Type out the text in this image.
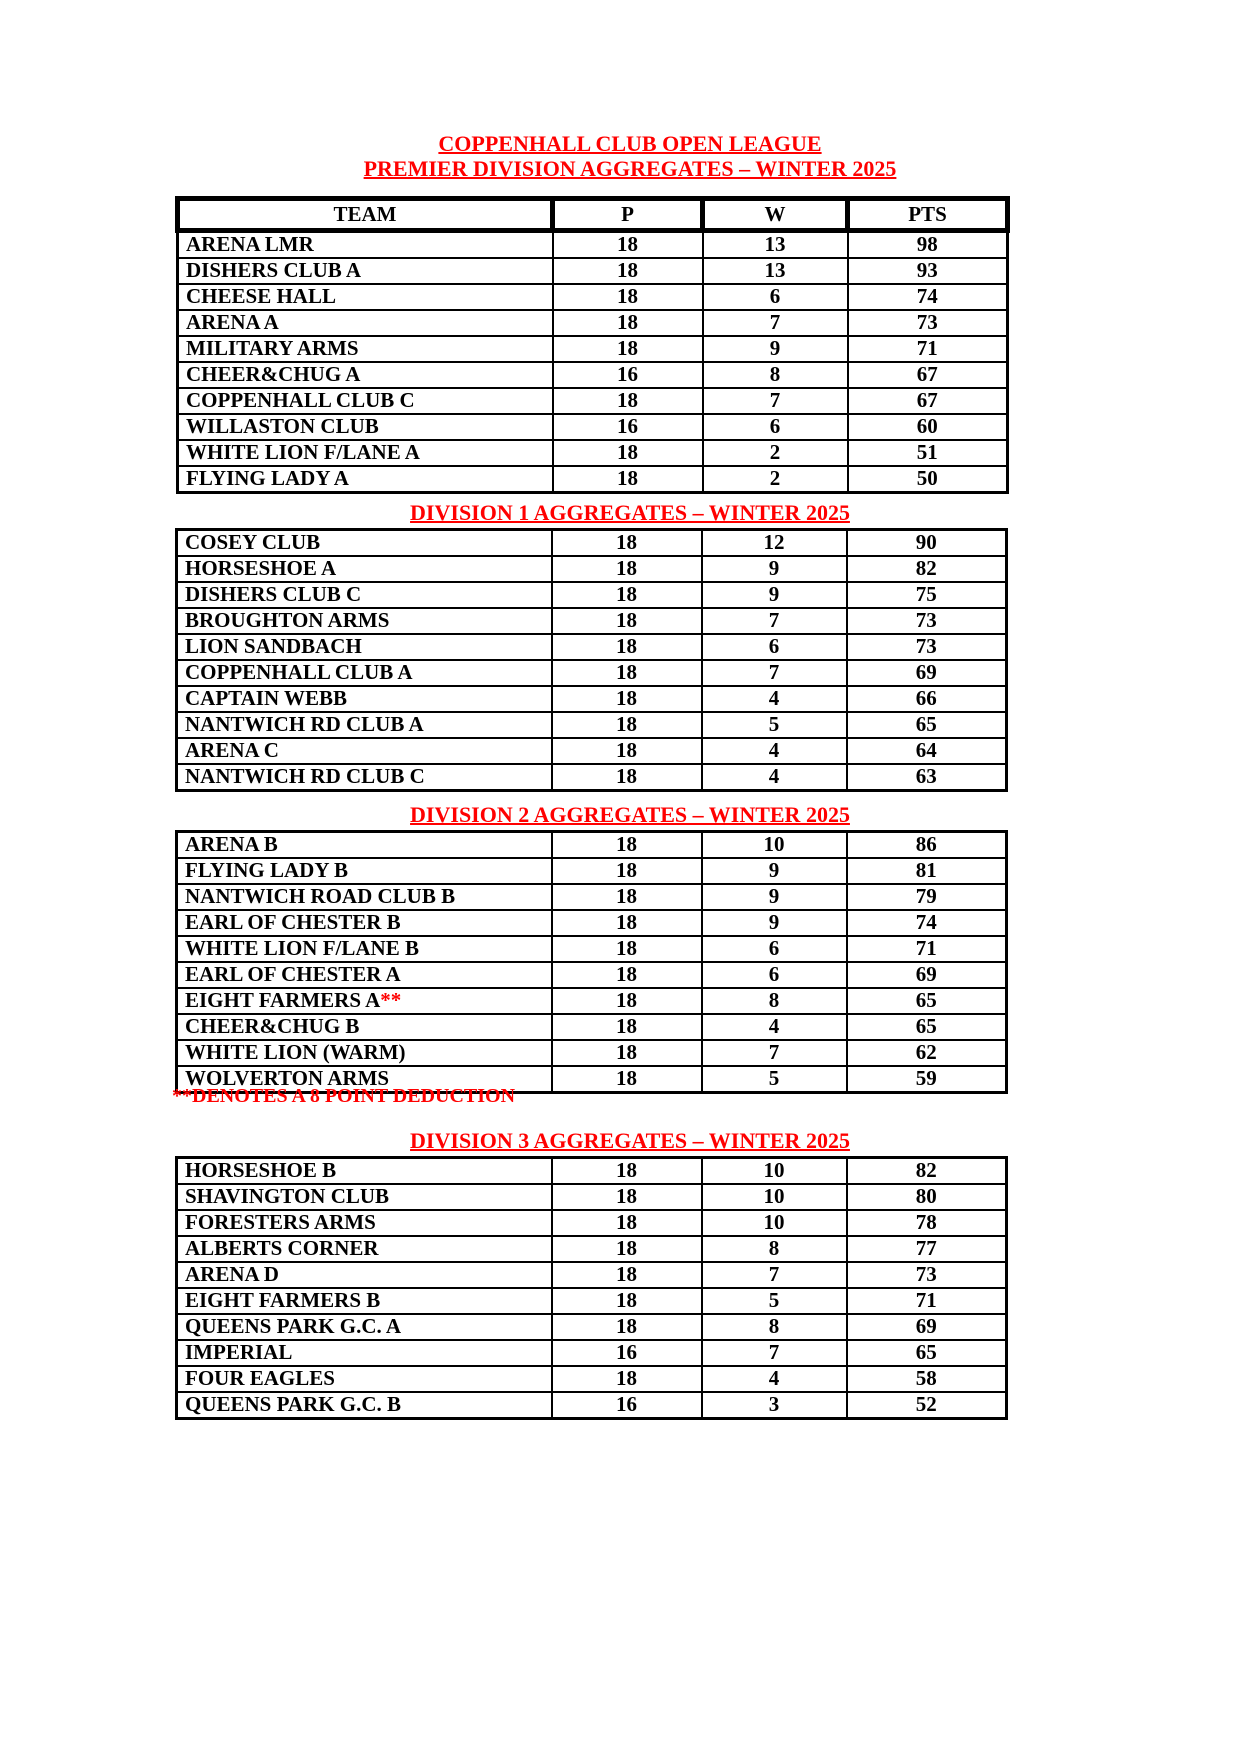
COPPENHALL CLUB OPEN LEAGUE
PREMIER DIVISION AGGREGATES – WINTER 2025
TEAM	P	W	PTS
ARENA LMR	18	13	98
DISHERS CLUB A	18	13	93
CHEESE HALL	18	6	74
ARENA A	18	7	73
MILITARY ARMS	18	9	71
CHEER&CHUG A	16	8	67
COPPENHALL CLUB C	18	7	67
WILLASTON CLUB	16	6	60
WHITE LION F/LANE A	18	2	51
FLYING LADY A	18	2	50
DIVISION 1 AGGREGATES – WINTER 2025
COSEY CLUB	18	12	90
HORSESHOE A	18	9	82
DISHERS CLUB C	18	9	75
BROUGHTON ARMS	18	7	73
LION SANDBACH	18	6	73
COPPENHALL CLUB A	18	7	69
CAPTAIN WEBB	18	4	66
NANTWICH RD CLUB A	18	5	65
ARENA C	18	4	64
NANTWICH RD CLUB C	18	4	63
DIVISION 2 AGGREGATES – WINTER 2025
ARENA B	18	10	86
FLYING LADY B	18	9	81
NANTWICH ROAD CLUB B	18	9	79
EARL OF CHESTER B	18	9	74
WHITE LION F/LANE B	18	6	71
EARL OF CHESTER A	18	6	69
EIGHT FARMERS A**	18	8	65
CHEER&CHUG B	18	4	65
WHITE LION (WARM)	18	7	62
WOLVERTON ARMS	18	5	59
**DENOTES A 8 POINT DEDUCTION
DIVISION 3 AGGREGATES – WINTER 2025
HORSESHOE B	18	10	82
SHAVINGTON CLUB	18	10	80
FORESTERS ARMS	18	10	78
ALBERTS CORNER	18	8	77
ARENA D	18	7	73
EIGHT FARMERS B	18	5	71
QUEENS PARK G.C. A	18	8	69
IMPERIAL	16	7	65
FOUR EAGLES	18	4	58
QUEENS PARK G.C. B	16	3	52
